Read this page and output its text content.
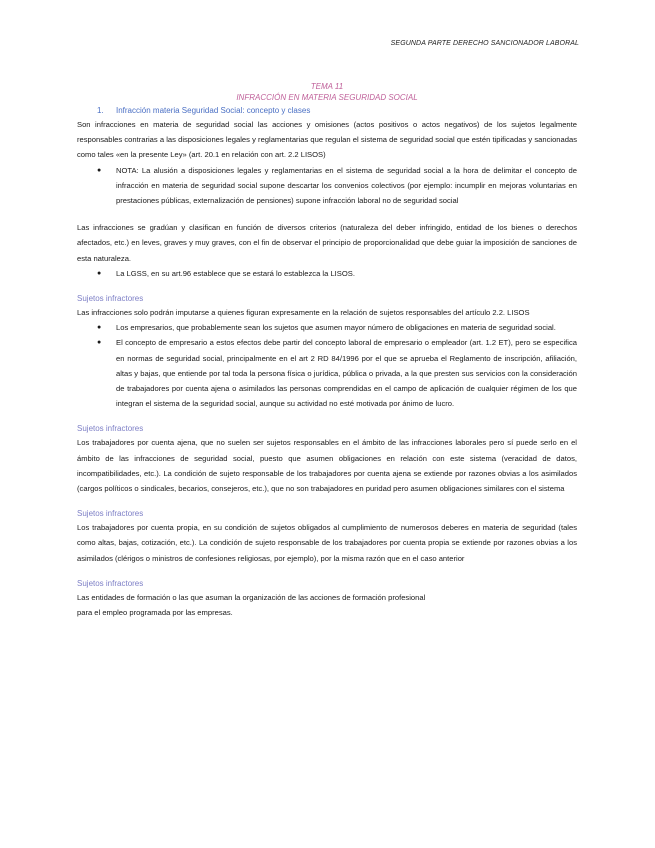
SEGUNDA PARTE DERECHO SANCIONADOR LABORAL
TEMA 11
INFRACCIÓN EN MATERIA SEGURIDAD SOCIAL
1. Infracción materia Seguridad Social: concepto y clases

Son infracciones en materia de seguridad social las acciones y omisiones (actos positivos o actos negativos) de los sujetos legalmente responsables contrarias a las disposiciones legales y reglamentarias que regulan el sistema de seguridad social que estén tipificadas y sancionadas como tales «en la presente Ley» (art. 20.1 en relación con art. 2.2 LISOS)

● NOTA: La alusión a disposiciones legales y reglamentarias en el sistema de seguridad social a la hora de delimitar el concepto de infracción en materia de seguridad social supone descartar los convenios colectivos (por ejemplo: incumplir en mejoras voluntarias en prestaciones públicas, externalización de pensiones) supone infracción laboral no de seguridad social

Las infracciones se gradúan y clasifican en función de diversos criterios (naturaleza del deber infringido, entidad de los bienes o derechos afectados, etc.) en leves, graves y muy graves, con el fin de observar el principio de proporcionalidad que debe guiar la imposición de sanciones de esta naturaleza.

● La LGSS, en su art.96 establece que se estará lo establezca la LISOS.
Sujetos infractores

Las infracciones solo podrán imputarse a quienes figuran expresamente en la relación de sujetos responsables del artículo 2.2. LISOS

● Los empresarios, que probablemente sean los sujetos que asumen mayor número de obligaciones en materia de seguridad social.
● El concepto de empresario a estos efectos debe partir del concepto laboral de empresario o empleador (art. 1.2 ET), pero se especifica en normas de seguridad social, principalmente en el art 2 RD 84/1996 por el que se aprueba el Reglamento de inscripción, afiliación, altas y bajas, que entiende por tal toda la persona física o jurídica, pública o privada, a la que presten sus servicios con la consideración de trabajadores por cuenta ajena o asimilados las personas comprendidas en el campo de aplicación de cualquier régimen de los que integran el sistema de la seguridad social, aunque su actividad no esté motivada por ánimo de lucro.
Sujetos infractores

Los trabajadores por cuenta ajena, que no suelen ser sujetos responsables en el ámbito de las infracciones laborales pero sí puede serlo en el ámbito de las infracciones de seguridad social, puesto que asumen obligaciones en relación con este sistema (veracidad de datos, incompatibilidades, etc.). La condición de sujeto responsable de los trabajadores por cuenta ajena se extiende por razones obvias a los asimilados (cargos políticos o sindicales, becarios, consejeros, etc.), que no son trabajadores en puridad pero asumen obligaciones similares con el sistema

Sujetos infractores

Los trabajadores por cuenta propia, en su condición de sujetos obligados al cumplimiento de numerosos deberes en materia de seguridad (tales como altas, bajas, cotización, etc.). La condición de sujeto responsable de los trabajadores por cuenta propia se extiende por razones obvias a los asimilados (clérigos o ministros de confesiones religiosas, por ejemplo), por la misma razón que en el caso anterior

Sujetos infractores

Las entidades de formación o las que asuman la organización de las acciones de formación profesional

para el empleo programada por las empresas.
